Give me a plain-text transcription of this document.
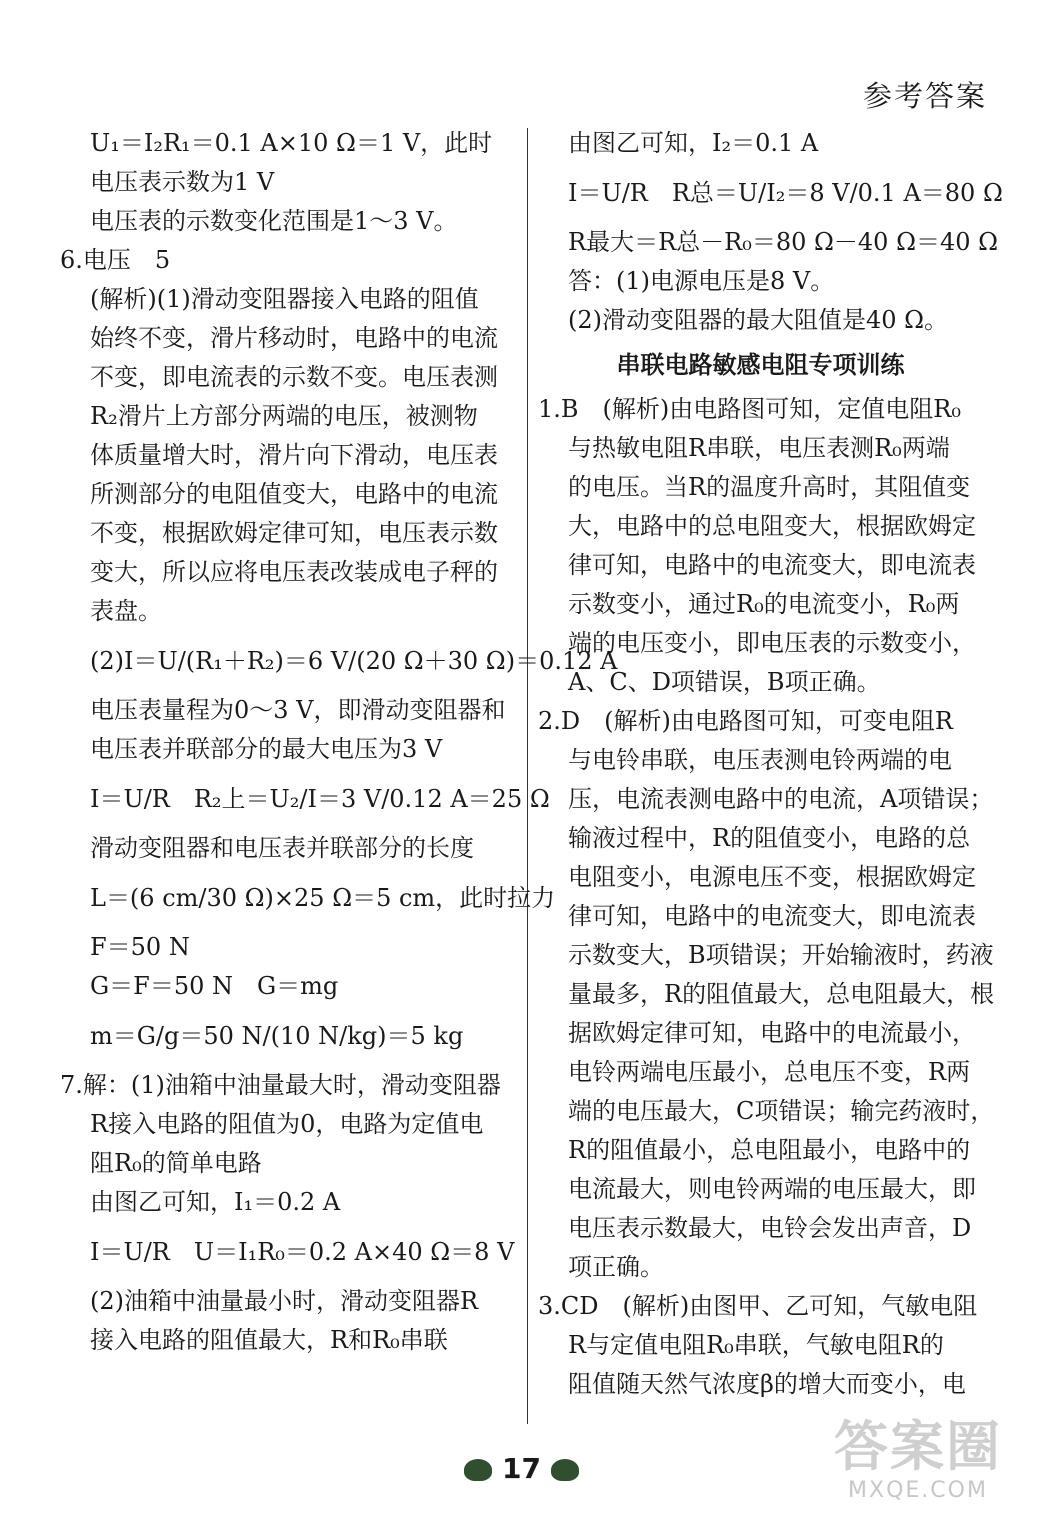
参考答案
U₁＝I₂R₁＝0.1 A×10 Ω＝1 V，此时
电压表示数为1 V
电压表的示数变化范围是1～3 V。
6.电压　5
(解析)(1)滑动变阻器接入电路的阻值
始终不变，滑片移动时，电路中的电流
不变，即电流表的示数不变。电压表测
R₂滑片上方部分两端的电压，被测物
体质量增大时，滑片向下滑动，电压表
所测部分的电阻值变大，电路中的电流
不变，根据欧姆定律可知，电压表示数
变大，所以应将电压表改装成电子秤的
表盘。
(2)I＝U/(R₁＋R₂)＝6 V/(20 Ω＋30 Ω)＝0.12 A
电压表量程为0～3 V，即滑动变阻器和
电压表并联部分的最大电压为3 V
I＝U/R　R₂上＝U₂/I＝3 V/0.12 A＝25 Ω
滑动变阻器和电压表并联部分的长度
L＝(6 cm/30 Ω)×25 Ω＝5 cm，此时拉力
F＝50 N
G＝F＝50 N　G＝mg
m＝G/g＝50 N/(10 N/kg)＝5 kg
7.解：(1)油箱中油量最大时，滑动变阻器
R接入电路的阻值为0，电路为定值电
阻R₀的简单电路
由图乙可知，I₁＝0.2 A
I＝U/R　U＝I₁R₀＝0.2 A×40 Ω＝8 V
(2)油箱中油量最小时，滑动变阻器R
接入电路的阻值最大，R和R₀串联
由图乙可知，I₂＝0.1 A
I＝U/R　R总＝U/I₂＝8 V/0.1 A＝80 Ω
R最大＝R总－R₀＝80 Ω－40 Ω＝40 Ω
答：(1)电源电压是8 V。
(2)滑动变阻器的最大阻值是40 Ω。
串联电路敏感电阻专项训练
1.B　(解析)由电路图可知，定值电阻R₀
与热敏电阻R串联，电压表测R₀两端
的电压。当R的温度升高时，其阻值变
大，电路中的总电阻变大，根据欧姆定
律可知，电路中的电流变大，即电流表
示数变小，通过R₀的电流变小，R₀两
端的电压变小，即电压表的示数变小，
A、C、D项错误，B项正确。
2.D　(解析)由电路图可知，可变电阻R
与电铃串联，电压表测电铃两端的电
压，电流表测电路中的电流，A项错误；
输液过程中，R的阻值变小，电路的总
电阻变小，电源电压不变，根据欧姆定
律可知，电路中的电流变大，即电流表
示数变大，B项错误；开始输液时，药液
量最多，R的阻值最大，总电阻最大，根
据欧姆定律可知，电路中的电流最小，
电铃两端电压最小，总电压不变，R两
端的电压最大，C项错误；输完药液时，
R的阻值最小，总电阻最小，电路中的
电流最大，则电铃两端的电压最大，即
电压表示数最大，电铃会发出声音，D
项正确。
3.CD　(解析)由图甲、乙可知，气敏电阻
R与定值电阻R₀串联，气敏电阻R的
阻值随天然气浓度β的增大而变小，电
17	答案圈
MXQE.COM
